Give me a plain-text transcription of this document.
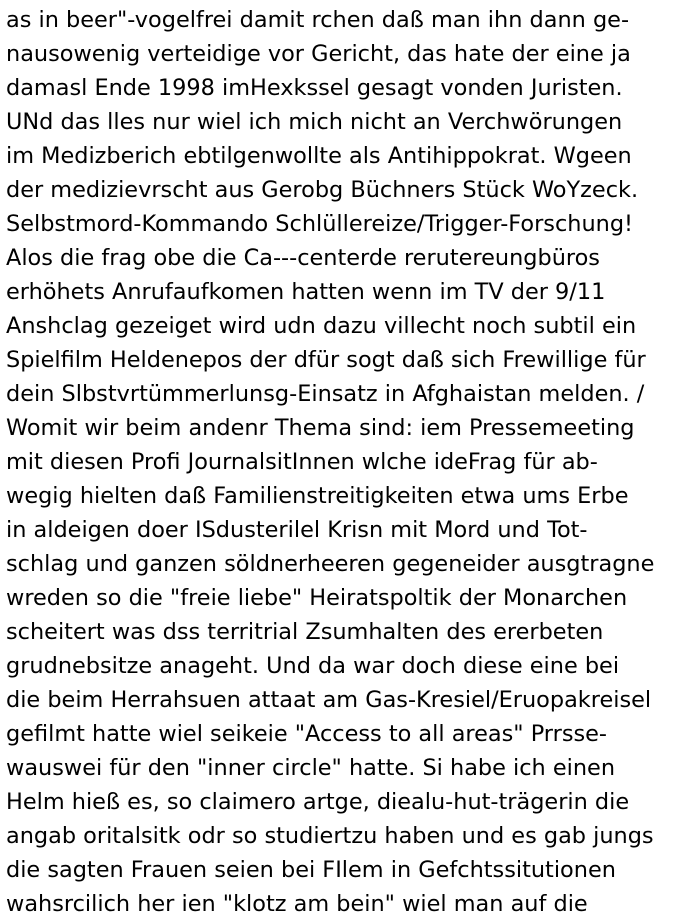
as in beer"-vogelfrei damit rchen daß man ihn dann ge-
nausowenig verteidige vor Gericht, das hate der eine ja
damasl Ende 1998 imHexkssel gesagt vonden Juristen.
UNd das lles nur wiel ich mich nicht an Verchwörungen
im Medizberich ebtilgenwollte als Antihippokrat. Wgeen
der medizievrscht aus Gerobg Büchners Stück WoYzeck.
Selbstmord-Kommando Schlüllereize/Trigger-Forschung!
Alos die frag obe die Ca---centerde rerutereungbüros
erhöhets Anrufaufkomen hatten wenn im TV der 9/11
Anshclag gezeiget wird udn dazu villecht noch subtil ein
Spielfilm Heldenepos der dfür sogt daß sich Frewillige für
dein Slbstvrtümmerlunsg-Einsatz in Afghaistan melden. /
Womit wir beim andenr Thema sind: iem Pressemeeting
mit diesen Profi JournalsitInnen wlche ideFrag für ab-
wegig hielten daß Familienstreitigkeiten etwa ums Erbe
in aldeigen doer ISdusterilel Krisn mit Mord und Tot-
schlag und ganzen söldnerheeren gegeneider ausgtragne
wreden so die "freie liebe" Heiratspoltik der Monarchen
scheitert was dss territrial Zsumhalten des ererbeten
grudnebsitze anageht. Und da war doch diese eine bei
die beim Herrahsuen attaat am Gas-Kresiel/Eruopakreisel
gefilmt hatte wiel seikeie "Access to all areas" Prrsse-
wauswei für den "inner circle" hatte. Si habe ich einen
Helm hieß es, so claimero artge, diealu-hut-trägerin die
angab oritalsitk odr so studiertzu haben und es gab jungs
die sagten Frauen seien bei FIlem in Gefchtssitutionen
wahsrcilich her ien "klotz am bein" wiel man auf die
